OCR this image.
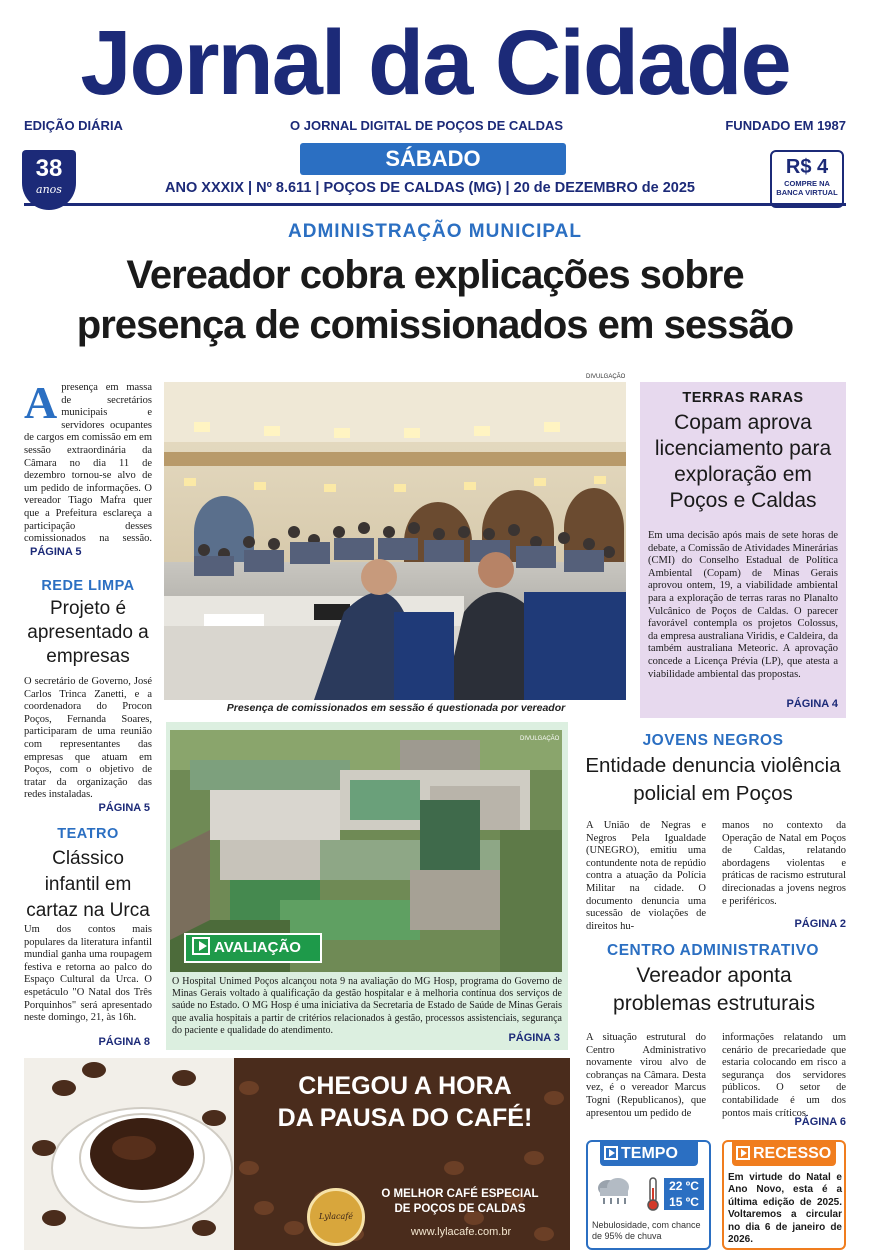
Jornal da Cidade
EDIÇÃO DIÁRIA	O JORNAL DIGITAL DE POÇOS DE CALDAS	FUNDADO EM 1987
38
anos
SÁBADO
ANO XXXIX | Nº 8.611 | POÇOS DE CALDAS (MG) | 20 de DEZEMBRO de 2025
R$ 4
COMPRE NA
BANCA VIRTUAL
ADMINISTRAÇÃO MUNICIPAL
Vereador cobra explicações sobre
presença de comissionados em sessão
Apresença em massa de secretários municipais e servidores ocupantes de cargos em comissão em em sessão extraordinária da Câmara no dia 11 de dezembro tornou-se alvo de um pedido de informações. O vereador Tiago Mafra quer que a Prefeitura esclareça a participação desses comissionados na sessão. PÁGINA 5
DIVULGAÇÃO
Presença de comissionados em sessão é questionada por vereador
REDE LIMPA
Projeto é apresentado a empresas
O secretário de Governo, José Carlos Trinca Zanetti, e a coordenadora do Procon Poços, Fernanda Soares, participaram de uma reunião com representantes das empresas que atuam em Poços, com o objetivo de tratar da organização das redes instaladas.
PÁGINA 5
TEATRO
Clássico infantil em cartaz na Urca
Um dos contos mais populares da literatura infantil mundial ganha uma roupagem festiva e retorna ao palco do Espaço Cultural da Urca. O espetáculo "O Natal dos Três Porquinhos" será apresentado neste domingo, 21, às 16h.
PÁGINA 8
TERRAS RARAS
Copam aprova licenciamento para exploração em Poços e Caldas
Em uma decisão após mais de sete horas de debate, a Comissão de Atividades Minerárias (CMI) do Conselho Estadual de Política Ambiental (Copam) de Minas Gerais aprovou ontem, 19, a viabilidade ambiental para a exploração de terras raras no Planalto Vulcânico de Poços de Caldas. O parecer favorável contempla os projetos Colossus, da empresa australiana Viridis, e Caldeira, da também australiana Meteoric. A aprovação concede a Licença Prévia (LP), que atesta a viabilidade ambiental das propostas.
PÁGINA 4
DIVULGAÇÃO
AVALIAÇÃO
O Hospital Unimed Poços alcançou nota 9 na avaliação do MG Hosp, programa do Governo de Minas Gerais voltado à qualificação da gestão hospitalar e à melhoria contínua dos serviços de saúde no Estado. O MG Hosp é uma iniciativa da Secretaria de Estado de Saúde de Minas Gerais que avalia hospitais a partir de critérios relacionados à gestão, processos assistenciais, segurança do paciente e qualidade do atendimento.
PÁGINA 3
JOVENS NEGROS
Entidade denuncia violência policial em Poços
A União de Negras e Negros Pela Igualdade (UNEGRO), emitiu uma contundente nota de repúdio contra a atuação da Polícia Militar na cidade. O documento denuncia uma sucessão de violações de direitos hu-
manos no contexto da Operação de Natal em Poços de Caldas, relatando abordagens violentas e práticas de racismo estrutural direcionadas a jovens negros e periféricos.
PÁGINA 2
CENTRO ADMINISTRATIVO
Vereador aponta problemas estruturais
A situação estrutural do Centro Administrativo novamente virou alvo de cobranças na Câmara. Desta vez, é o vereador Marcus Togni (Republicanos), que apresentou um pedido de
informações relatando um cenário de precariedade que estaria colocando em risco a segurança dos servidores públicos. O setor de contabilidade é um dos pontos mais críticos.
PÁGINA 6
CHEGOU A HORA
DA PAUSA DO CAFÉ!
Lylacafé
O MELHOR CAFÉ ESPECIAL
DE POÇOS DE CALDAS
www.lylacafe.com.br
TEMPO
22 ºC
15 ºC
Nebulosidade, com chance de 95% de chuva
RECESSO
Em virtude do Natal e Ano Novo, esta é a última edição de 2025. Voltaremos a circular no dia 6 de janeiro de 2026.
